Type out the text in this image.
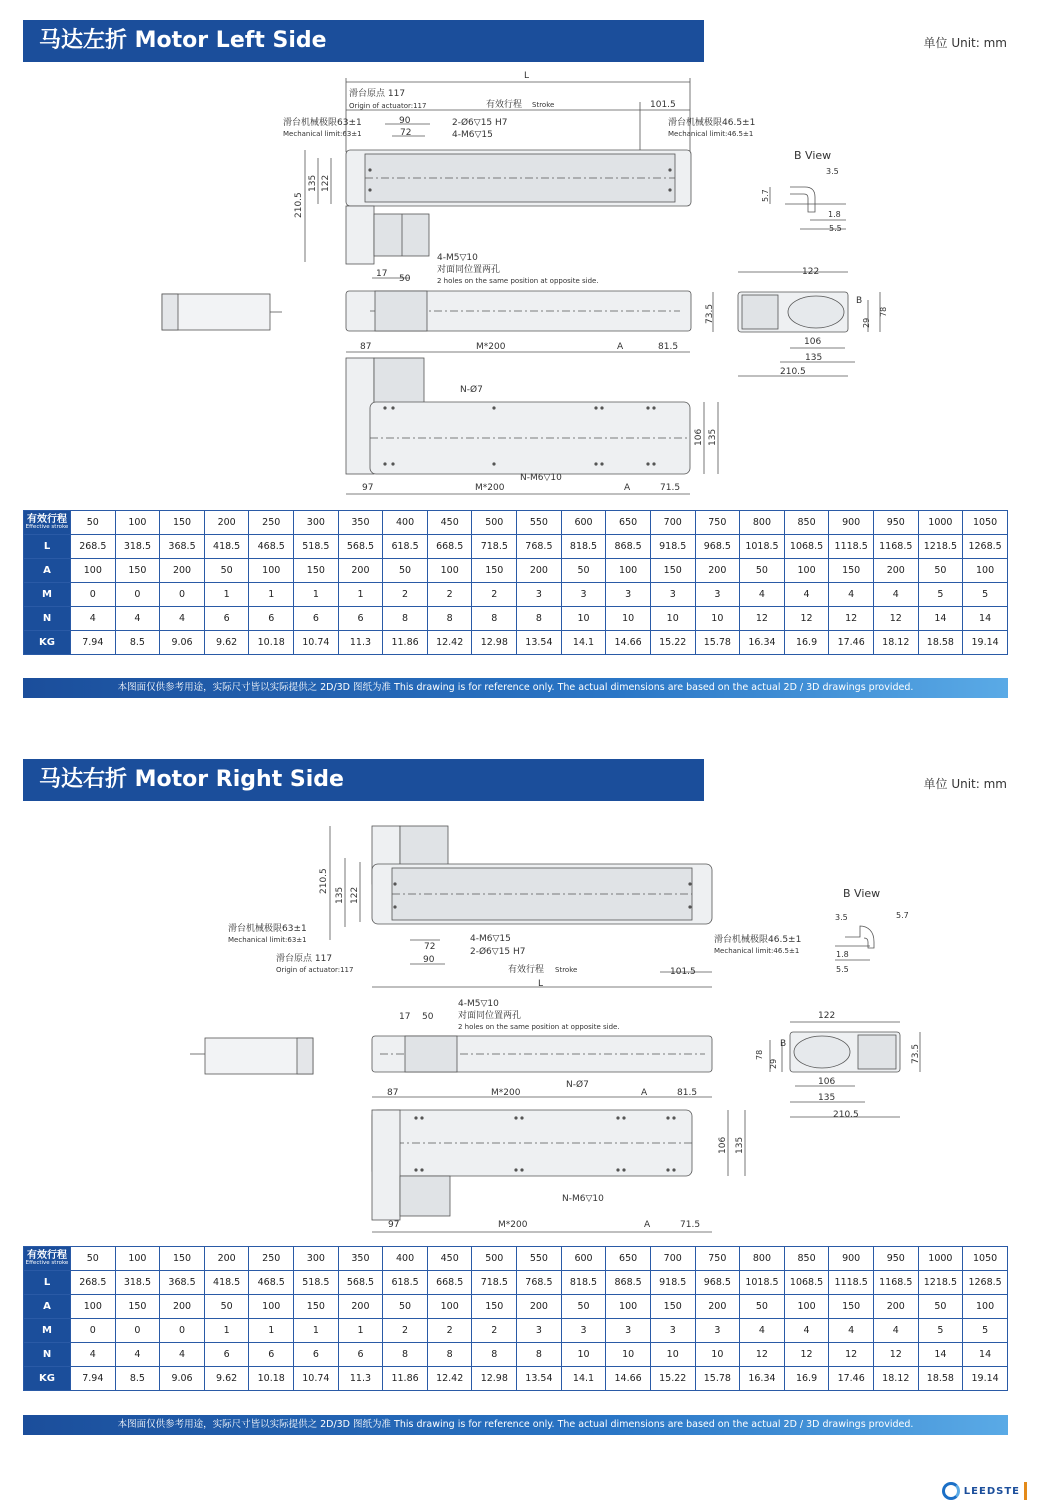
马达左折 Motor Left Side	单位 Unit: mm
L
滑台原点 117
Origin of actuator:117	有效行程 Stroke	101.5
滑台机械极限63±1
Mechanical limit:63±1
90
72
2-Ø6▽15 H7
4-M6▽15
滑台机械极限46.5±1
Mechanical limit:46.5±1
210.5
135 122
B View
3.5
5.7
1.8
5.5
4-M5▽10
对面同位置两孔
2 holes on the same position at opposite side.
17 50
122
73.5
B
29
78
106
135
210.5
87	M*200	A	81.5
N-Ø7
106 135
N-M6▽10
97	M*200	A	71.5
有效行程
Effective stroke	50	100	150	200	250	300	350	400	450	500	550	600	650	700	750	800	850	900	950	1000	1050
L	268.5	318.5	368.5	418.5	468.5	518.5	568.5	618.5	668.5	718.5	768.5	818.5	868.5	918.5	968.5	1018.5	1068.5	1118.5	1168.5	1218.5	1268.5
A	100	150	200	50	100	150	200	50	100	150	200	50	100	150	200	50	100	150	200	50	100
M	0	0	0	1	1	1	1	2	2	2	3	3	3	3	3	4	4	4	4	5	5
N	4	4	4	6	6	6	6	8	8	8	8	10	10	10	10	12	12	12	12	14	14
KG	7.94	8.5	9.06	9.62	10.18	10.74	11.3	11.86	12.42	12.98	13.54	14.1	14.66	15.22	15.78	16.34	16.9	17.46	18.12	18.58	19.14
本图面仅供参考用途，实际尺寸皆以实际提供之 2D/3D 图纸为准 This drawing is for reference only. The actual dimensions are based on the actual 2D / 3D drawings provided.
马达右折 Motor Right Side	单位 Unit: mm
210.5
135 122
滑台机械极限63±1
Mechanical limit:63±1	4-M6▽15
72	2-Ø6▽15 H7
90
滑台机械极限46.5±1
Mechanical limit:46.5±1
滑台原点 117
Origin of actuator:117	有效行程 Stroke	101.5
L
B View
3.5	5.7
1.8
5.5
4-M5▽10
对面同位置两孔
2 holes on the same position at opposite side.
17 50	122
73.5
B
78
29
106
135
210.5
87	M*200
N-Ø7
A	81.5
106 135
N-M6▽10
97	M*200	A	71.5
有效行程
Effective stroke	50	100	150	200	250	300	350	400	450	500	550	600	650	700	750	800	850	900	950	1000	1050
L	268.5	318.5	368.5	418.5	468.5	518.5	568.5	618.5	668.5	718.5	768.5	818.5	868.5	918.5	968.5	1018.5	1068.5	1118.5	1168.5	1218.5	1268.5
A	100	150	200	50	100	150	200	50	100	150	200	50	100	150	200	50	100	150	200	50	100
M	0	0	0	1	1	1	1	2	2	2	3	3	3	3	3	4	4	4	4	5	5
N	4	4	4	6	6	6	6	8	8	8	8	10	10	10	10	12	12	12	12	14	14
KG	7.94	8.5	9.06	9.62	10.18	10.74	11.3	11.86	12.42	12.98	13.54	14.1	14.66	15.22	15.78	16.34	16.9	17.46	18.12	18.58	19.14
本图面仅供参考用途，实际尺寸皆以实际提供之 2D/3D 图纸为准 This drawing is for reference only. The actual dimensions are based on the actual 2D / 3D drawings provided.
LEEDSTE
